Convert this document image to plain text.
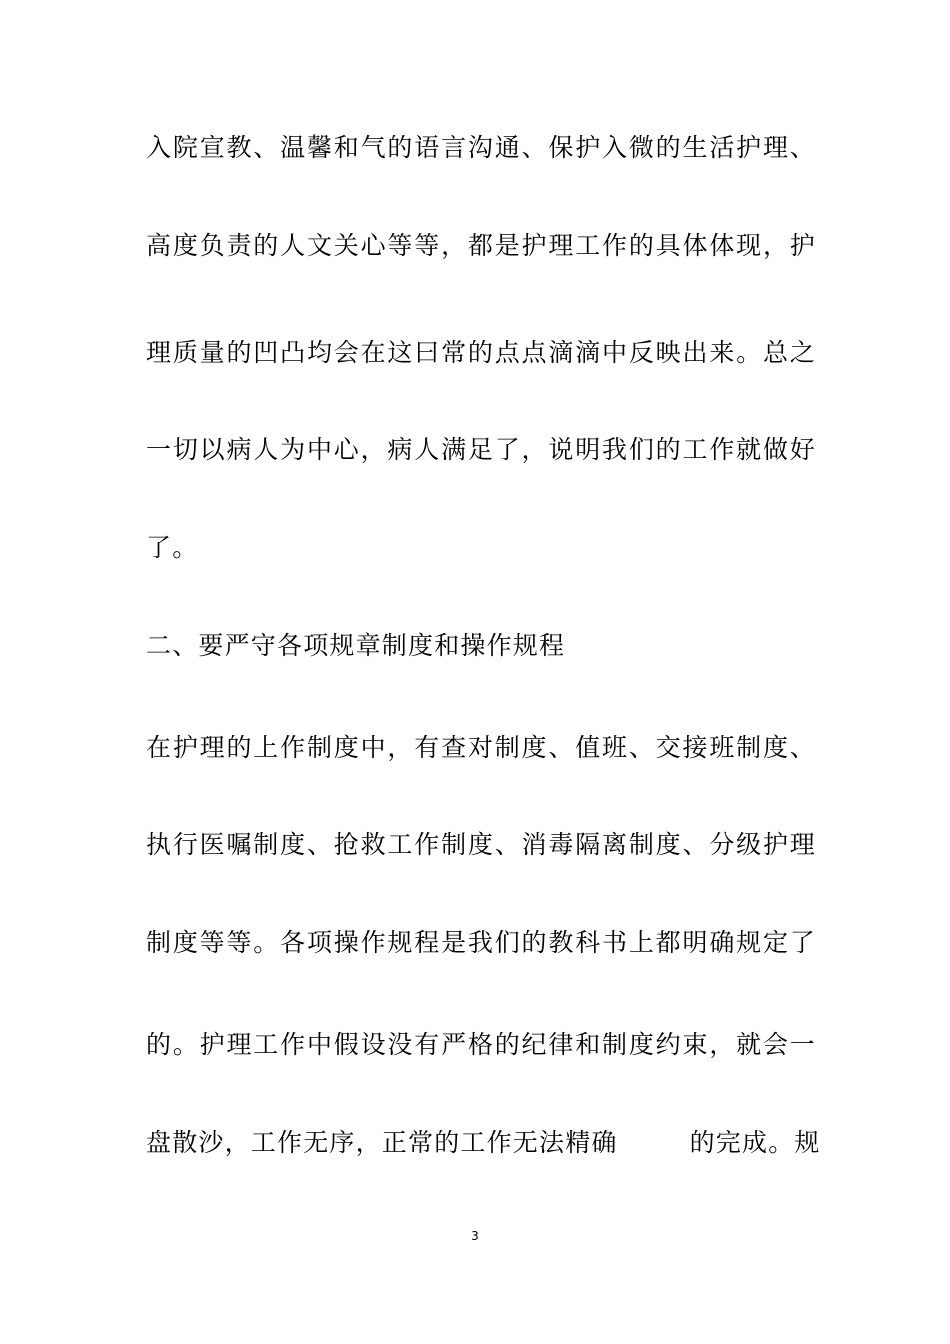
入院宣教、温馨和气的语言沟通、保护入微的生活护理、
高度负责的人文关心等等，都是护理工作的具体体现，护
理质量的凹凸均会在这曰常的点点滴滴中反映出来。总之
一切以病人为中心，病人满足了，说明我们的工作就做好
了。
二、要严守各项规章制度和操作规程
在护理的上作制度中，有查对制度、值班、交接班制度、
执行医嘱制度、抢救工作制度、消毒隔离制度、分级护理
制度等等。各项操作规程是我们的教科书上都明确规定了
的。护理工作中假设没有严格的纪律和制度约束，就会一
盘散沙，工作无序，正常的工作无法精确	的完成。规
3
